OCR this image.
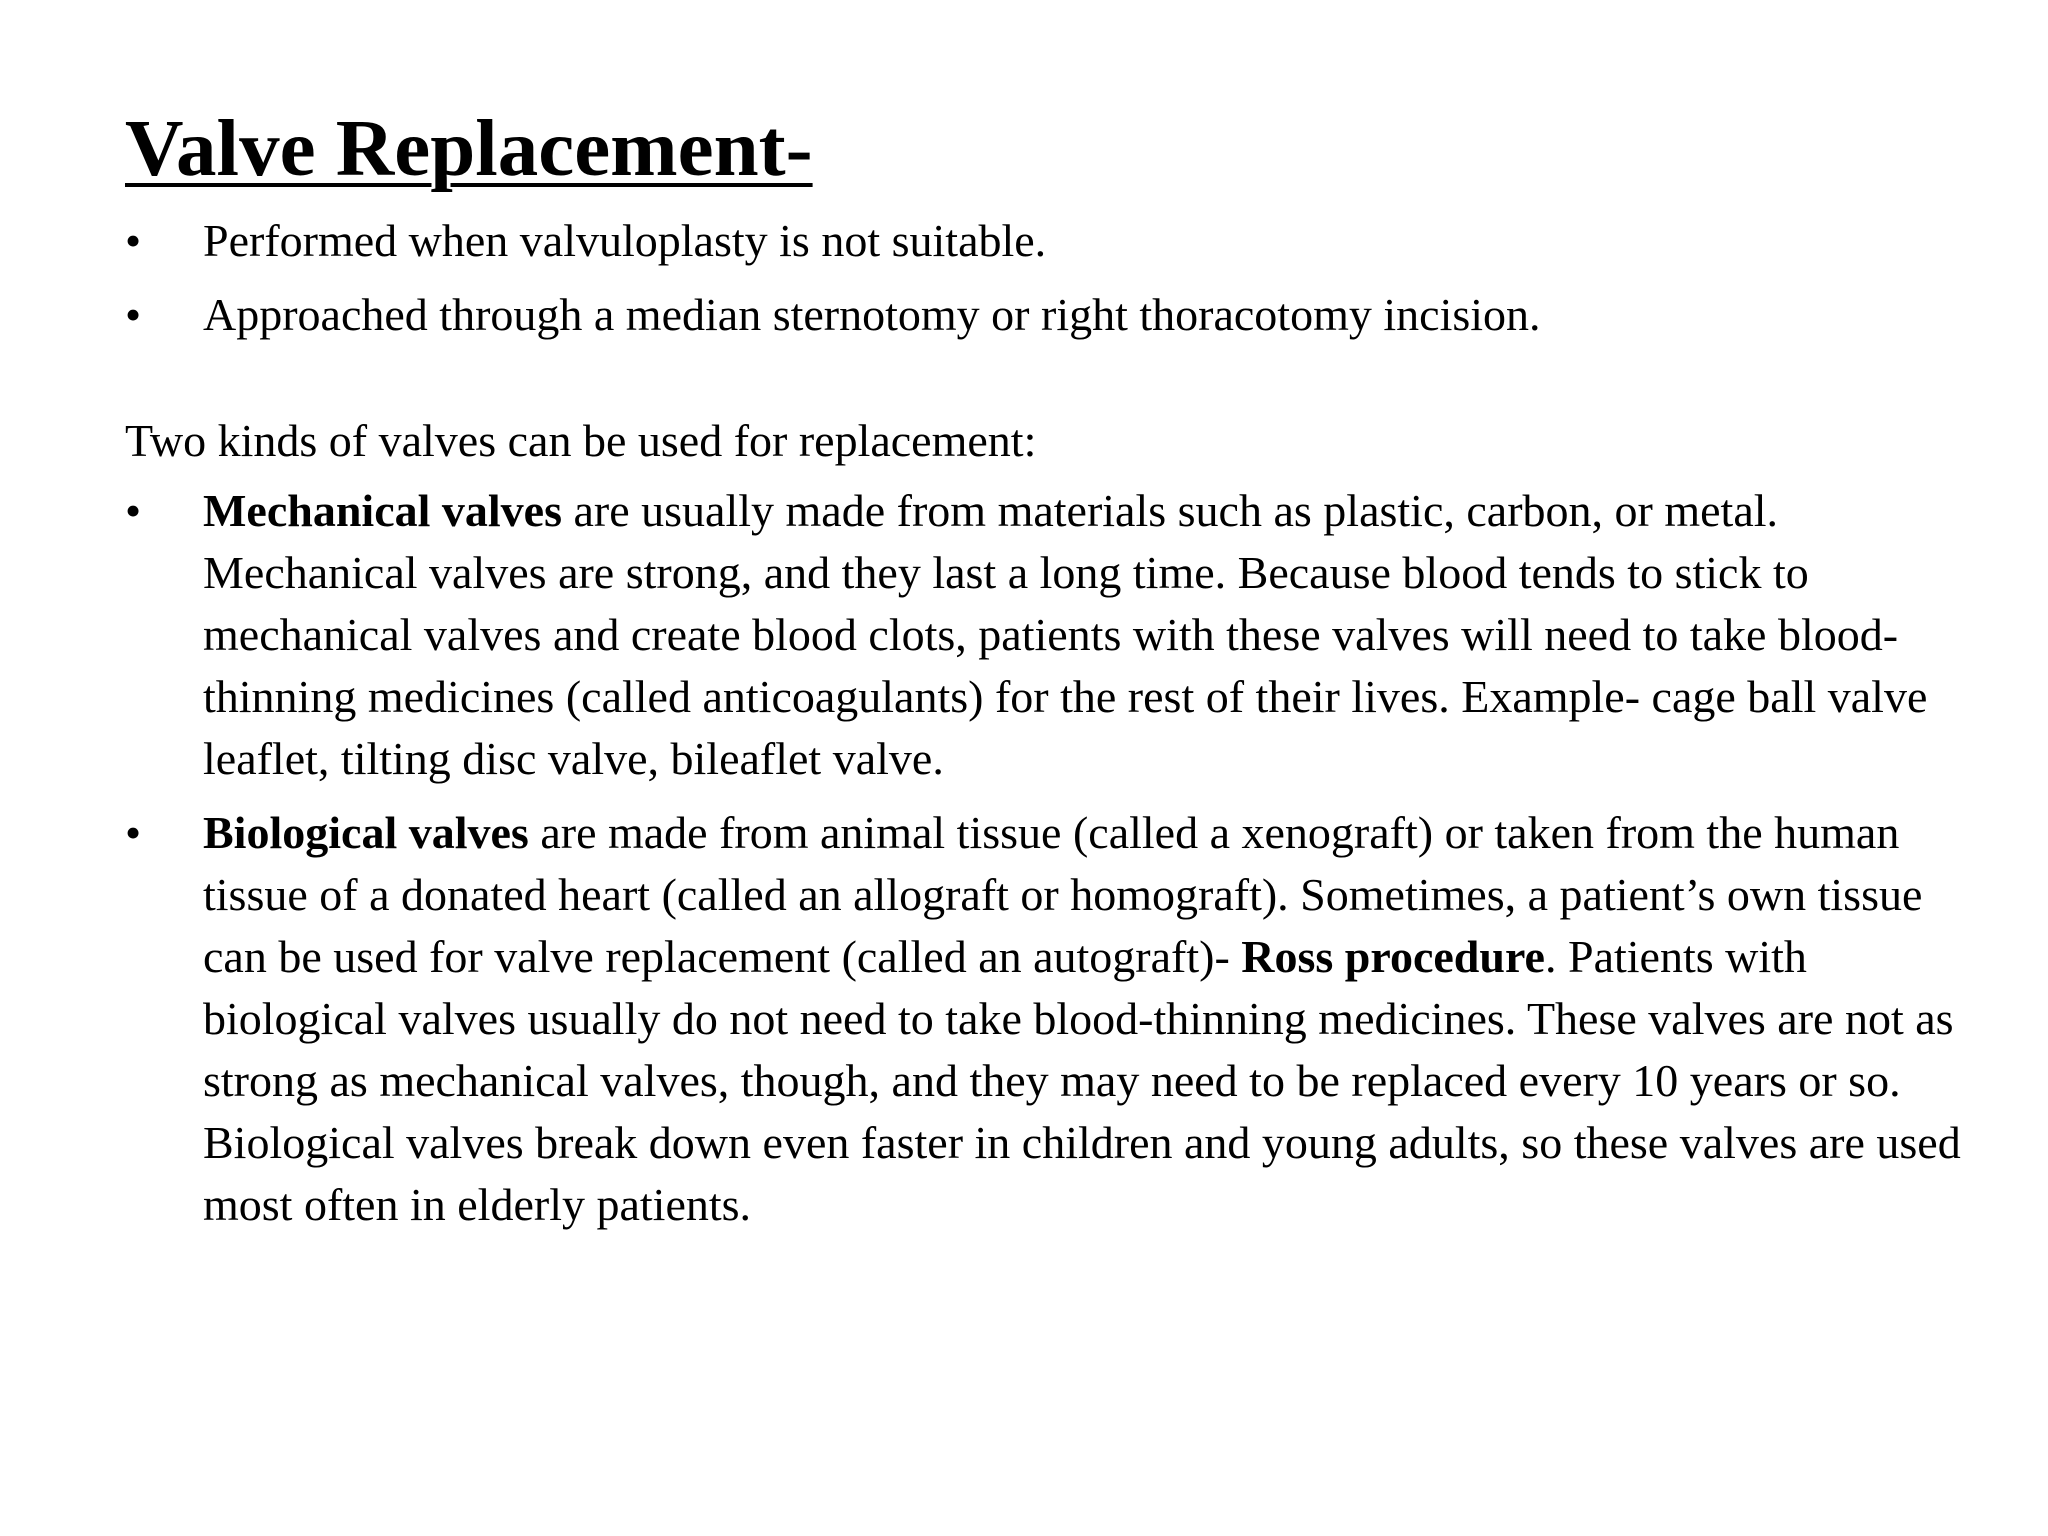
Valve Replacement-
•	Performed when valvuloplasty is not suitable.
•	Approached through a median sternotomy or right thoracotomy incision.

Two kinds of valves can be used for replacement:

•	Mechanical valves are usually made from materials such as plastic, carbon, or metal. Mechanical valves are strong, and they last a long time. Because blood tends to stick to mechanical valves and create blood clots, patients with these valves will need to take blood-thinning medicines (called anticoagulants) for the rest of their lives. Example- cage ball valve leaflet, tilting disc valve, bileaflet valve.
•	Biological valves are made from animal tissue (called a xenograft) or taken from the human tissue of a donated heart (called an allograft or homograft). Sometimes, a patient’s own tissue can be used for valve replacement (called an autograft)- Ross procedure. Patients with biological valves usually do not need to take blood-thinning medicines. These valves are not as strong as mechanical valves, though, and they may need to be replaced every 10 years or so. Biological valves break down even faster in children and young adults, so these valves are used most often in elderly patients.
